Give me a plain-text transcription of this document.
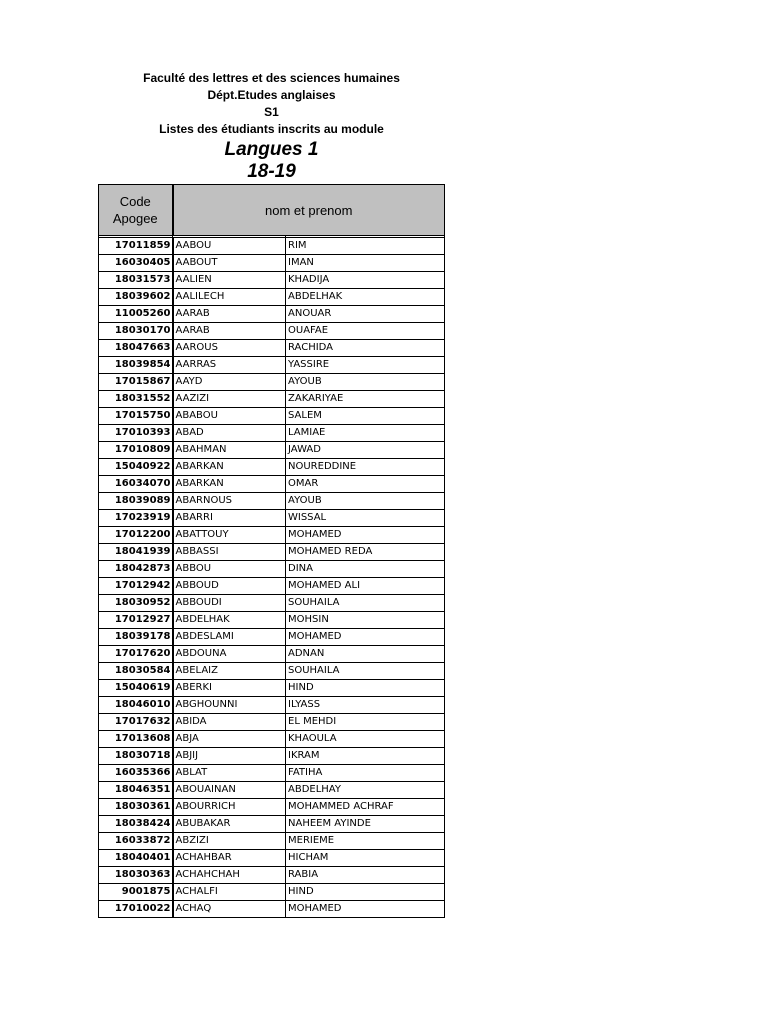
Faculté des lettres et des sciences humaines
Dépt.Etudes anglaises
S1
Listes des étudiants inscrits au module
Langues 1
18-19
Code
Apogee	nom et prenom	

17011859	AABOU	RIM
16030405	AABOUT	IMAN
18031573	AALIEN	KHADIJA
18039602	AALILECH	ABDELHAK
11005260	AARAB	ANOUAR
18030170	AARAB	OUAFAE
18047663	AAROUS	RACHIDA
18039854	AARRAS	YASSIRE
17015867	AAYD	AYOUB
18031552	AAZIZI	ZAKARIYAE
17015750	ABABOU	SALEM
17010393	ABAD	LAMIAE
17010809	ABAHMAN	JAWAD
15040922	ABARKAN	NOUREDDINE
16034070	ABARKAN	OMAR
18039089	ABARNOUS	AYOUB
17023919	ABARRI	WISSAL
17012200	ABATTOUY	MOHAMED
18041939	ABBASSI	MOHAMED REDA
18042873	ABBOU	DINA
17012942	ABBOUD	MOHAMED ALI
18030952	ABBOUDI	SOUHAILA
17012927	ABDELHAK	MOHSIN
18039178	ABDESLAMI	MOHAMED
17017620	ABDOUNA	ADNAN
18030584	ABELAIZ	SOUHAILA
15040619	ABERKI	HIND
18046010	ABGHOUNNI	ILYASS
17017632	ABIDA	EL MEHDI
17013608	ABJA	KHAOULA
18030718	ABJIJ	IKRAM
16035366	ABLAT	FATIHA
18046351	ABOUAINAN	ABDELHAY
18030361	ABOURRICH	MOHAMMED ACHRAF
18038424	ABUBAKAR	NAHEEM AYINDE
16033872	ABZIZI	MERIEME
18040401	ACHAHBAR	HICHAM
18030363	ACHAHCHAH	RABIA
9001875	ACHALFI	HIND
17010022	ACHAQ	MOHAMED
